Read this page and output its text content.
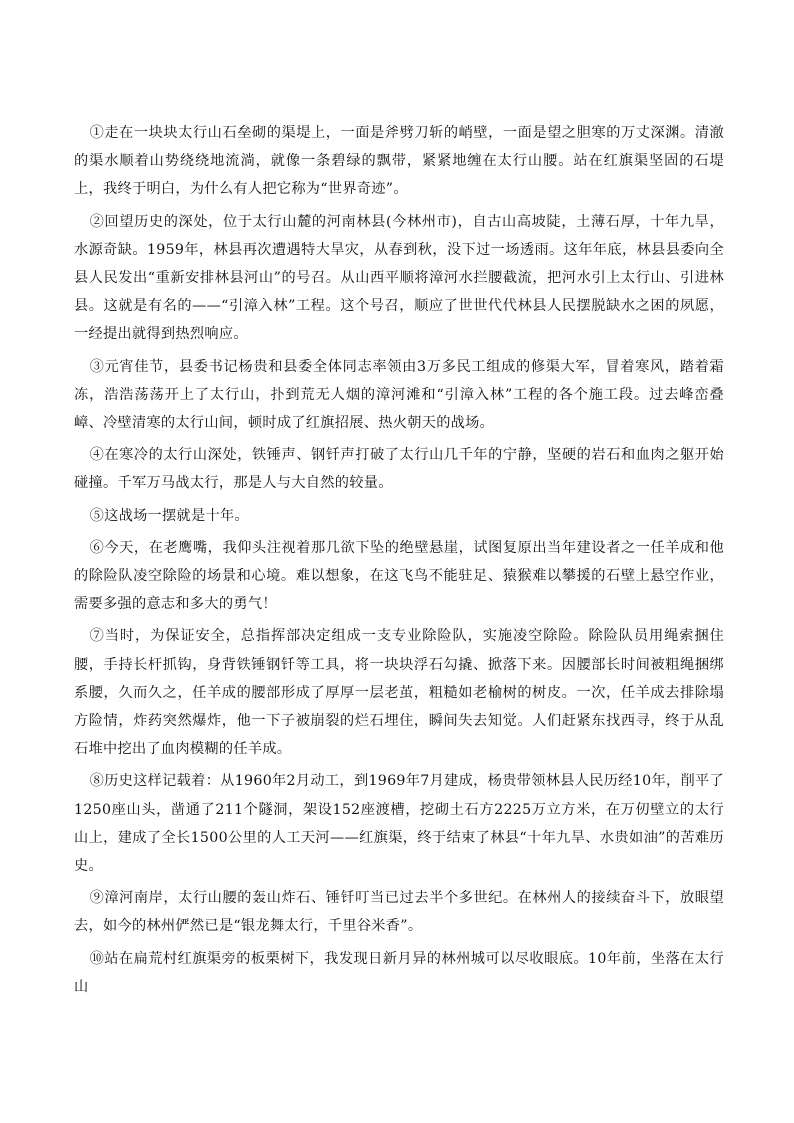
①走在一块块太行山石垒砌的渠堤上，一面是斧劈刀斩的峭壁，一面是望之胆寒的万丈深渊。清澈的渠水顺着山势绕绕地流淌，就像一条碧绿的飘带，紧紧地缠在太行山腰。站在红旗渠坚固的石堤上，我终于明白，为什么有人把它称为“世界奇迹”。

②回望历史的深处，位于太行山麓的河南林县(今林州市)，自古山高坡陡，土薄石厚，十年九旱，水源奇缺。1959年，林县再次遭遇特大旱灾，从春到秋，没下过一场透雨。这年年底，林县县委向全县人民发出“重新安排林县河山”的号召。从山西平顺将漳河水拦腰截流，把河水引上太行山、引进林县。这就是有名的——“引漳入林”工程。这个号召，顺应了世世代代林县人民摆脱缺水之困的夙愿，一经提出就得到热烈响应。

③元宵佳节，县委书记杨贵和县委全体同志率领由3万多民工组成的修渠大军，冒着寒风，踏着霜冻，浩浩荡荡开上了太行山，扑到荒无人烟的漳河滩和“引漳入林”工程的各个施工段。过去峰峦叠嶂、冷壁清寒的太行山间，顿时成了红旗招展、热火朝天的战场。

④在寒冷的太行山深处，铁锤声、钢钎声打破了太行山几千年的宁静，坚硬的岩石和血肉之躯开始碰撞。千军万马战太行，那是人与大自然的较量。

⑤这战场一摆就是十年。

⑥今天，在老鹰嘴，我仰头注视着那几欲下坠的绝壁悬崖，试图复原出当年建设者之一任羊成和他的除险队凌空除险的场景和心境。难以想象，在这飞鸟不能驻足、猿猴难以攀援的石壁上悬空作业，需要多强的意志和多大的勇气！

⑦当时，为保证安全，总指挥部决定组成一支专业除险队，实施凌空除险。除险队员用绳索捆住腰，手持长杆抓钩，身背铁锤钢钎等工具，将一块块浮石勾撬、掀落下来。因腰部长时间被粗绳捆绑系腰，久而久之，任羊成的腰部形成了厚厚一层老茧，粗糙如老榆树的树皮。一次，任羊成去排除塌方险情，炸药突然爆炸，他一下子被崩裂的烂石埋住，瞬间失去知觉。人们赶紧东找西寻，终于从乱石堆中挖出了血肉模糊的任羊成。

⑧历史这样记载着：从1960年2月动工，到1969年7月建成，杨贵带领林县人民历经10年，削平了1250座山头，凿通了211个隧洞，架设152座渡槽，挖砌土石方2225万立方米，在万仞壁立的太行山上，建成了全长1500公里的人工天河——红旗渠，终于结束了林县“十年九旱、水贵如油”的苦难历史。

⑨漳河南岸，太行山腰的轰山炸石、锤钎叮当已过去半个多世纪。在林州人的接续奋斗下，放眼望去，如今的林州俨然已是“银龙舞太行，千里谷米香”。

⑩站在扁荒村红旗渠旁的板栗树下，我发现日新月异的林州城可以尽收眼底。10年前，坐落在太行山
